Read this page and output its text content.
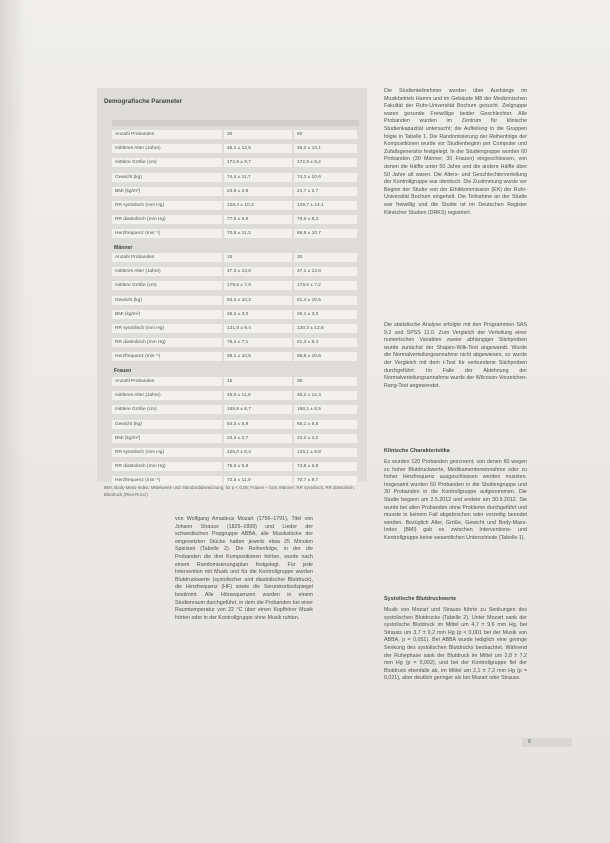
Demografische Parameter
Anzahl Probanden	30	60
mittleres Alter (Jahre)	46,1 ± 12,5	46,2 ± 13,1
mittlere Größe (cm)	172,9 ± 9,7	172,9 ± 9,2
Gewicht (kg)	74,4 ± 11,7	74,3 ± 10,6
BMI (kg/m²)	24,8 ± 2,8	24,7 ± 2,7
RR systolisch (mm Hg)	128,4 ± 10,3	129,7 ± 14,1
RR diastolisch (mm Hg)	77,5 ± 6,8	79,6 ± 8,3
Herzfrequenz (min⁻¹)	70,8 ± 11,3	69,8 ± 10,7
Anzahl Probanden	15	30
mittleres Alter (Jahre)	47,3 ± 13,6	47,1 ± 13,8
mittlere Größe (cm)	179,6 ± 7,8	179,6 ± 7,2
Gewicht (kg)	84,4 ± 10,2	81,4 ± 10,5
BMI (kg/m²)	26,2 ± 3,0	26,1 ± 3,0
RR systolisch (mm Hg)	131,8 ± 9,4	130,3 ± 12,6
RR diastolisch (mm Hg)	79,4 ± 7,1	81,3 ± 8,4
Herzfrequenz (min⁻¹)	69,1 ± 10,5	68,8 ± 10,6
Anzahl Probanden	15	30
mittleres Alter (Jahre)	45,0 ± 11,6	45,2 ± 12,4
mittlere Größe (cm)	165,9 ± 6,7	166,1 ± 6,5
Gewicht (kg)	64,3 ± 5,9	65,1 ± 8,5
BMI (kg/m²)	23,3 ± 2,7	23,2 ± 2,2
RR systolisch (mm Hg)	125,0 ± 8,4	129,1 ± 9,8
RR diastolisch (mm Hg)	75,6 ± 5,9	74,8 ± 6,8
Herzfrequenz (min⁻¹)	72,5 ± 11,9	70,7 ± 8,7
Männer
Frauen
BMI, Body-Mass-Index; Mittelwerte und Standardabweichung; für p < 0,05; Frauen – bzw. Männer; RR systolisch, RR diastolisch; Blutdruck (Riva-Rocci)

Die Studienteilnehmer wurden über Aushänge im Musikbetrieb Hamm und im Gebäude M8 der Medizinischen Fakultät der Ruhr-Universität Bochum gesucht. Zielgruppe waren gesunde Freiwillige beider Geschlechter. Alle Probanden wurden im Zentrum für klinische Studienkapazität untersucht; die Aufteilung in die Gruppen folgte in Tabelle 1. Die Randomisierung der Reihenfolge der Kompositionen wurde vor Studienbeginn per Computer und Zufallsgenerator festgelegt. In der Studiengruppe wurden 60 Probanden (30 Männer, 30 Frauen) eingeschlossen, von denen die Hälfte unter 50 Jahre und die andere Hälfte über 50 Jahre alt waren. Die Alters- und Geschlechterverteilung der Kontrollgruppe war identisch. Die Zustimmung wurde vor Beginn der Studie von der Ethikkommission (EK) der Ruhr-Universität Bochum eingeholt. Die Teilnahme an der Studie war freiwillig und die Studie ist im Deutschen Register Klinischer Studien (DRKS) registriert.

Die statistische Analyse erfolgte mit den Programmen SAS 9.2 und SPSS 11.0. Zum Vergleich der Verteilung einer numerischen Variablen zweier abhängiger Stichproben wurde zunächst der Shapiro-Wilk-Test angewandt. Wurde die Normalverteilungsannahme nicht abgewiesen, so wurde der Vergleich mit dem t-Test für verbundene Stichproben durchgeführt. Im Falle der Ablehnung der Normalverteilungsannahme wurde der Wilcoxon-Vorzeichen-Rang-Test angewendet.

Klinische Charakteristika

Es wurden 120 Probanden gescreent, von denen 60 wegen zu hoher Blutdruckwerte, Medikamenteneinnahme oder zu hoher Herzfrequenz ausgeschlossen werden mussten. Insgesamt wurden 60 Probanden in die Studiengruppe und 30 Probanden in die Kontrollgruppe aufgenommen. Die Studie begann am 2.5.2012 und endete am 30.9.2012. Sie wurde bei allen Probanden ohne Probleme durchgeführt und musste in keinem Fall abgebrochen oder vorzeitig beendet werden. Bezüglich Alter, Größe, Gewicht und Body-Mass-Index (BMI) gab es zwischen Interventions- und Kontrollgruppe keine wesentlichen Unterschiede (Tabelle 1).

Systolische Blutdruckwerte

Musik von Mozart und Strauss führte zu Senkungen des systolischen Blutdrucks (Tabelle 2). Unter Mozart sank der systolische Blutdruck im Mittel um 4,7 ± 9,6 mm Hg, bei Strauss um 3,7 ± 9,2 mm Hg (p < 0,001 bei der Musik von ABBA, p = 0,051). Bei ABBA wurde lediglich eine geringe Senkung des systolischen Blutdrucks beobachtet. Während der Ruhephase sank der Blutdruck im Mittel um 2,8 ± 7,2 mm Hg (p = 0,002), und bei der Kontrollgruppe fiel der Blutdruck ebenfalls ab, im Mittel um 2,1 ± 7,2 mm Hg (p = 0,021), aber deutlich geringer als bei Mozart oder Strauss.

von Wolfgang Amadeus Mozart (1756–1791), Titel von Johann Strauss (1825–1899) und Lieder der schwedischen Popgruppe ABBA, alle Musikstücke der eingesetzten Stücke hatten jeweils etwa 25 Minuten Spielzeit (Tabelle 2). Die Reihenfolge, in der die Probanden die drei Kompositionen hörten, wurde nach einem Randomisierungsplan festgelegt. Für jede Intervention mit Musik und für die Kontrollgruppe wurden Blutdruckwerte (systolischer und diastolischer Blutdruck), die Herzfrequenz (HF) sowie die Serumkortisolspiegel bestimmt. Alle Hörsequenzen wurden in einem Studienraum durchgeführt, in dem die Probanden bei einer Raumtemperatur von 22 °C über einen Kopfhörer Musik hörten oder in der Kontrollgruppe ohne Musik ruhten.

8
